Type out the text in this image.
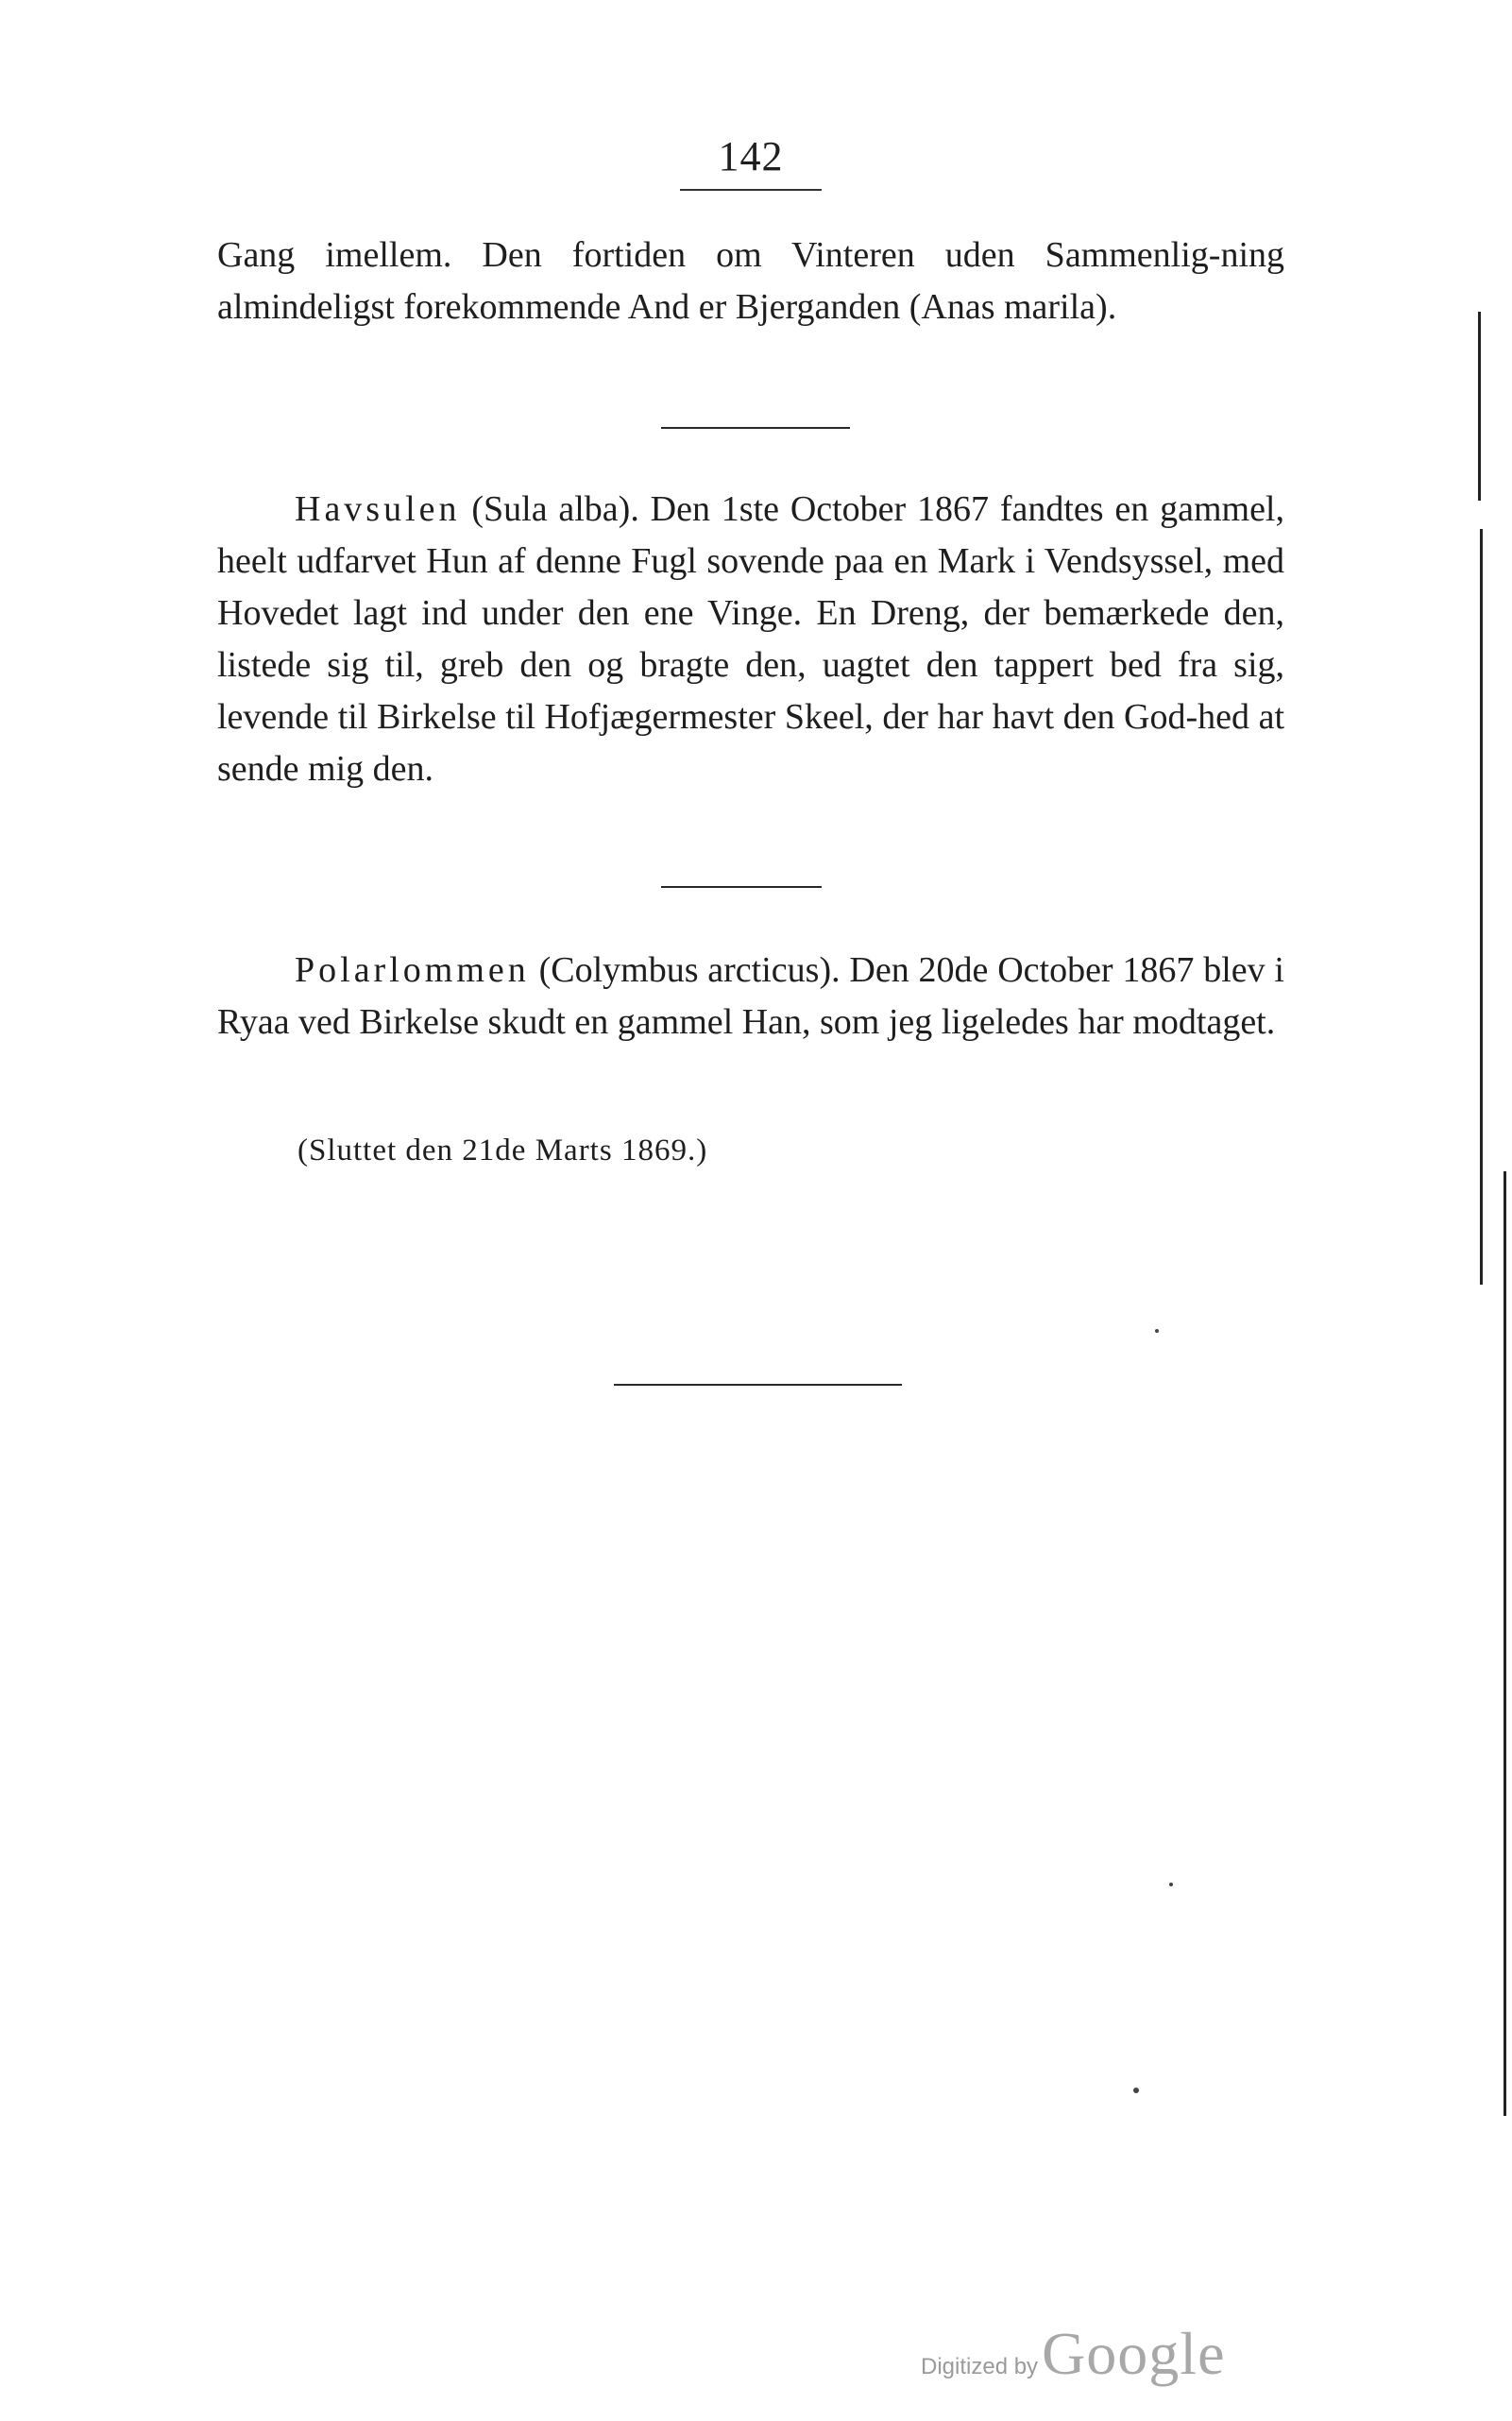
142

Gang imellem. Den fortiden om Vinteren uden Sammenlig-ning almindeligst forekommende And er Bjerganden (Anas marila).

Havsulen (Sula alba). Den 1ste October 1867 fandtes en gammel, heelt udfarvet Hun af denne Fugl sovende paa en Mark i Vendsyssel, med Hovedet lagt ind under den ene Vinge. En Dreng, der bemærkede den, listede sig til, greb den og bragte den, uagtet den tappert bed fra sig, levende til Birkelse til Hofjægermester Skeel, der har havt den God-hed at sende mig den.

Polarlommen (Colymbus arcticus). Den 20de October 1867 blev i Ryaa ved Birkelse skudt en gammel Han, som jeg ligeledes har modtaget.

(Sluttet den 21de Marts 1869.)
Digitized by Google
